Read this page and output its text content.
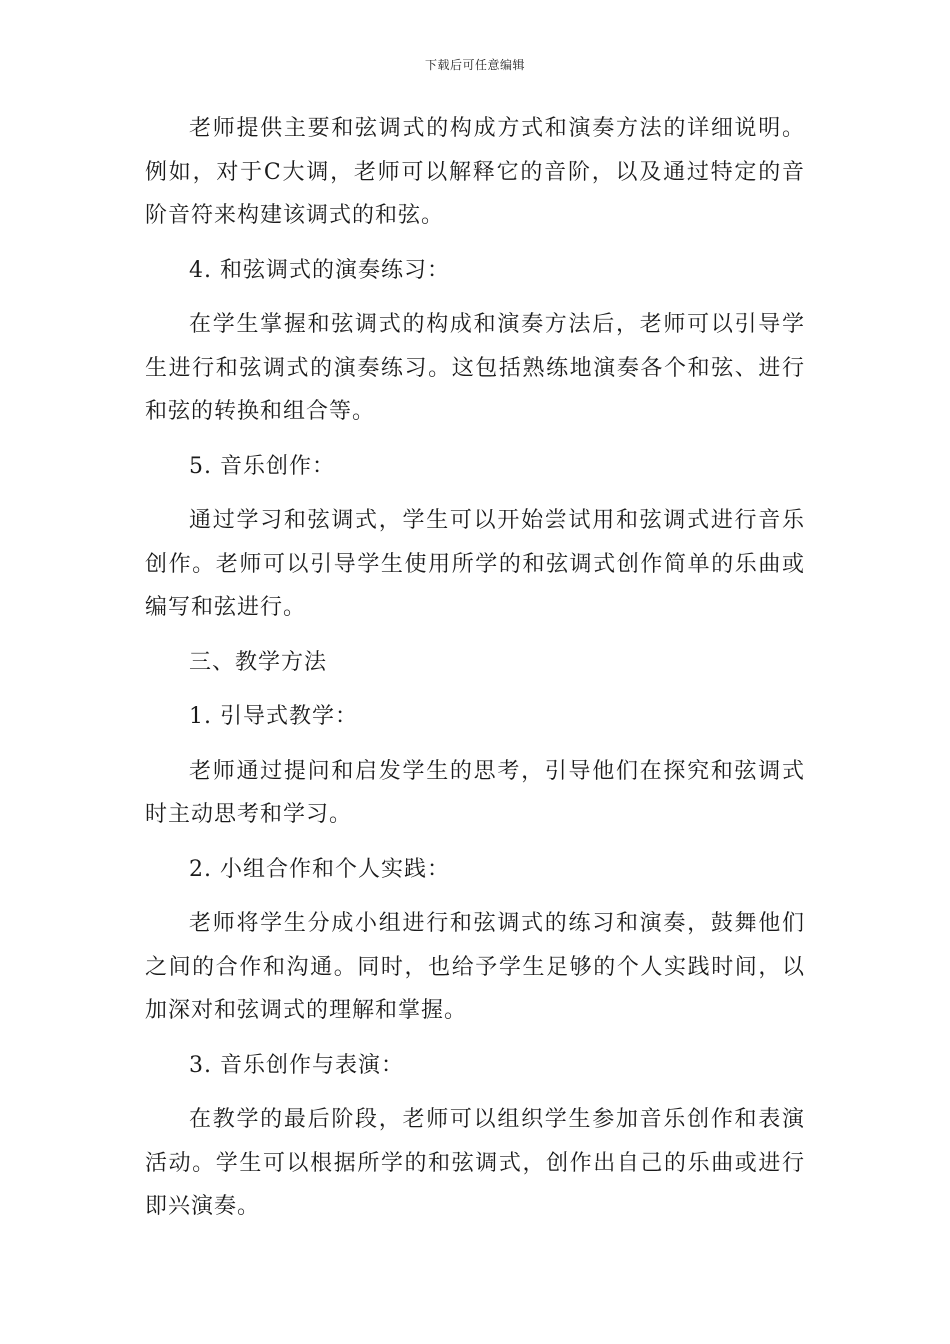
下载后可任意编辑

老师提供主要和弦调式的构成方式和演奏方法的详细说明。例如，对于C大调，老师可以解释它的音阶，以及通过特定的音阶音符来构建该调式的和弦。

4. 和弦调式的演奏练习：

在学生掌握和弦调式的构成和演奏方法后，老师可以引导学生进行和弦调式的演奏练习。这包括熟练地演奏各个和弦、进行和弦的转换和组合等。

5. 音乐创作：

通过学习和弦调式，学生可以开始尝试用和弦调式进行音乐创作。老师可以引导学生使用所学的和弦调式创作简单的乐曲或编写和弦进行。

三、教学方法

1. 引导式教学：

老师通过提问和启发学生的思考，引导他们在探究和弦调式时主动思考和学习。

2. 小组合作和个人实践：

老师将学生分成小组进行和弦调式的练习和演奏，鼓舞他们之间的合作和沟通。同时，也给予学生足够的个人实践时间，以加深对和弦调式的理解和掌握。

3. 音乐创作与表演：

在教学的最后阶段，老师可以组织学生参加音乐创作和表演活动。学生可以根据所学的和弦调式，创作出自己的乐曲或进行即兴演奏。
